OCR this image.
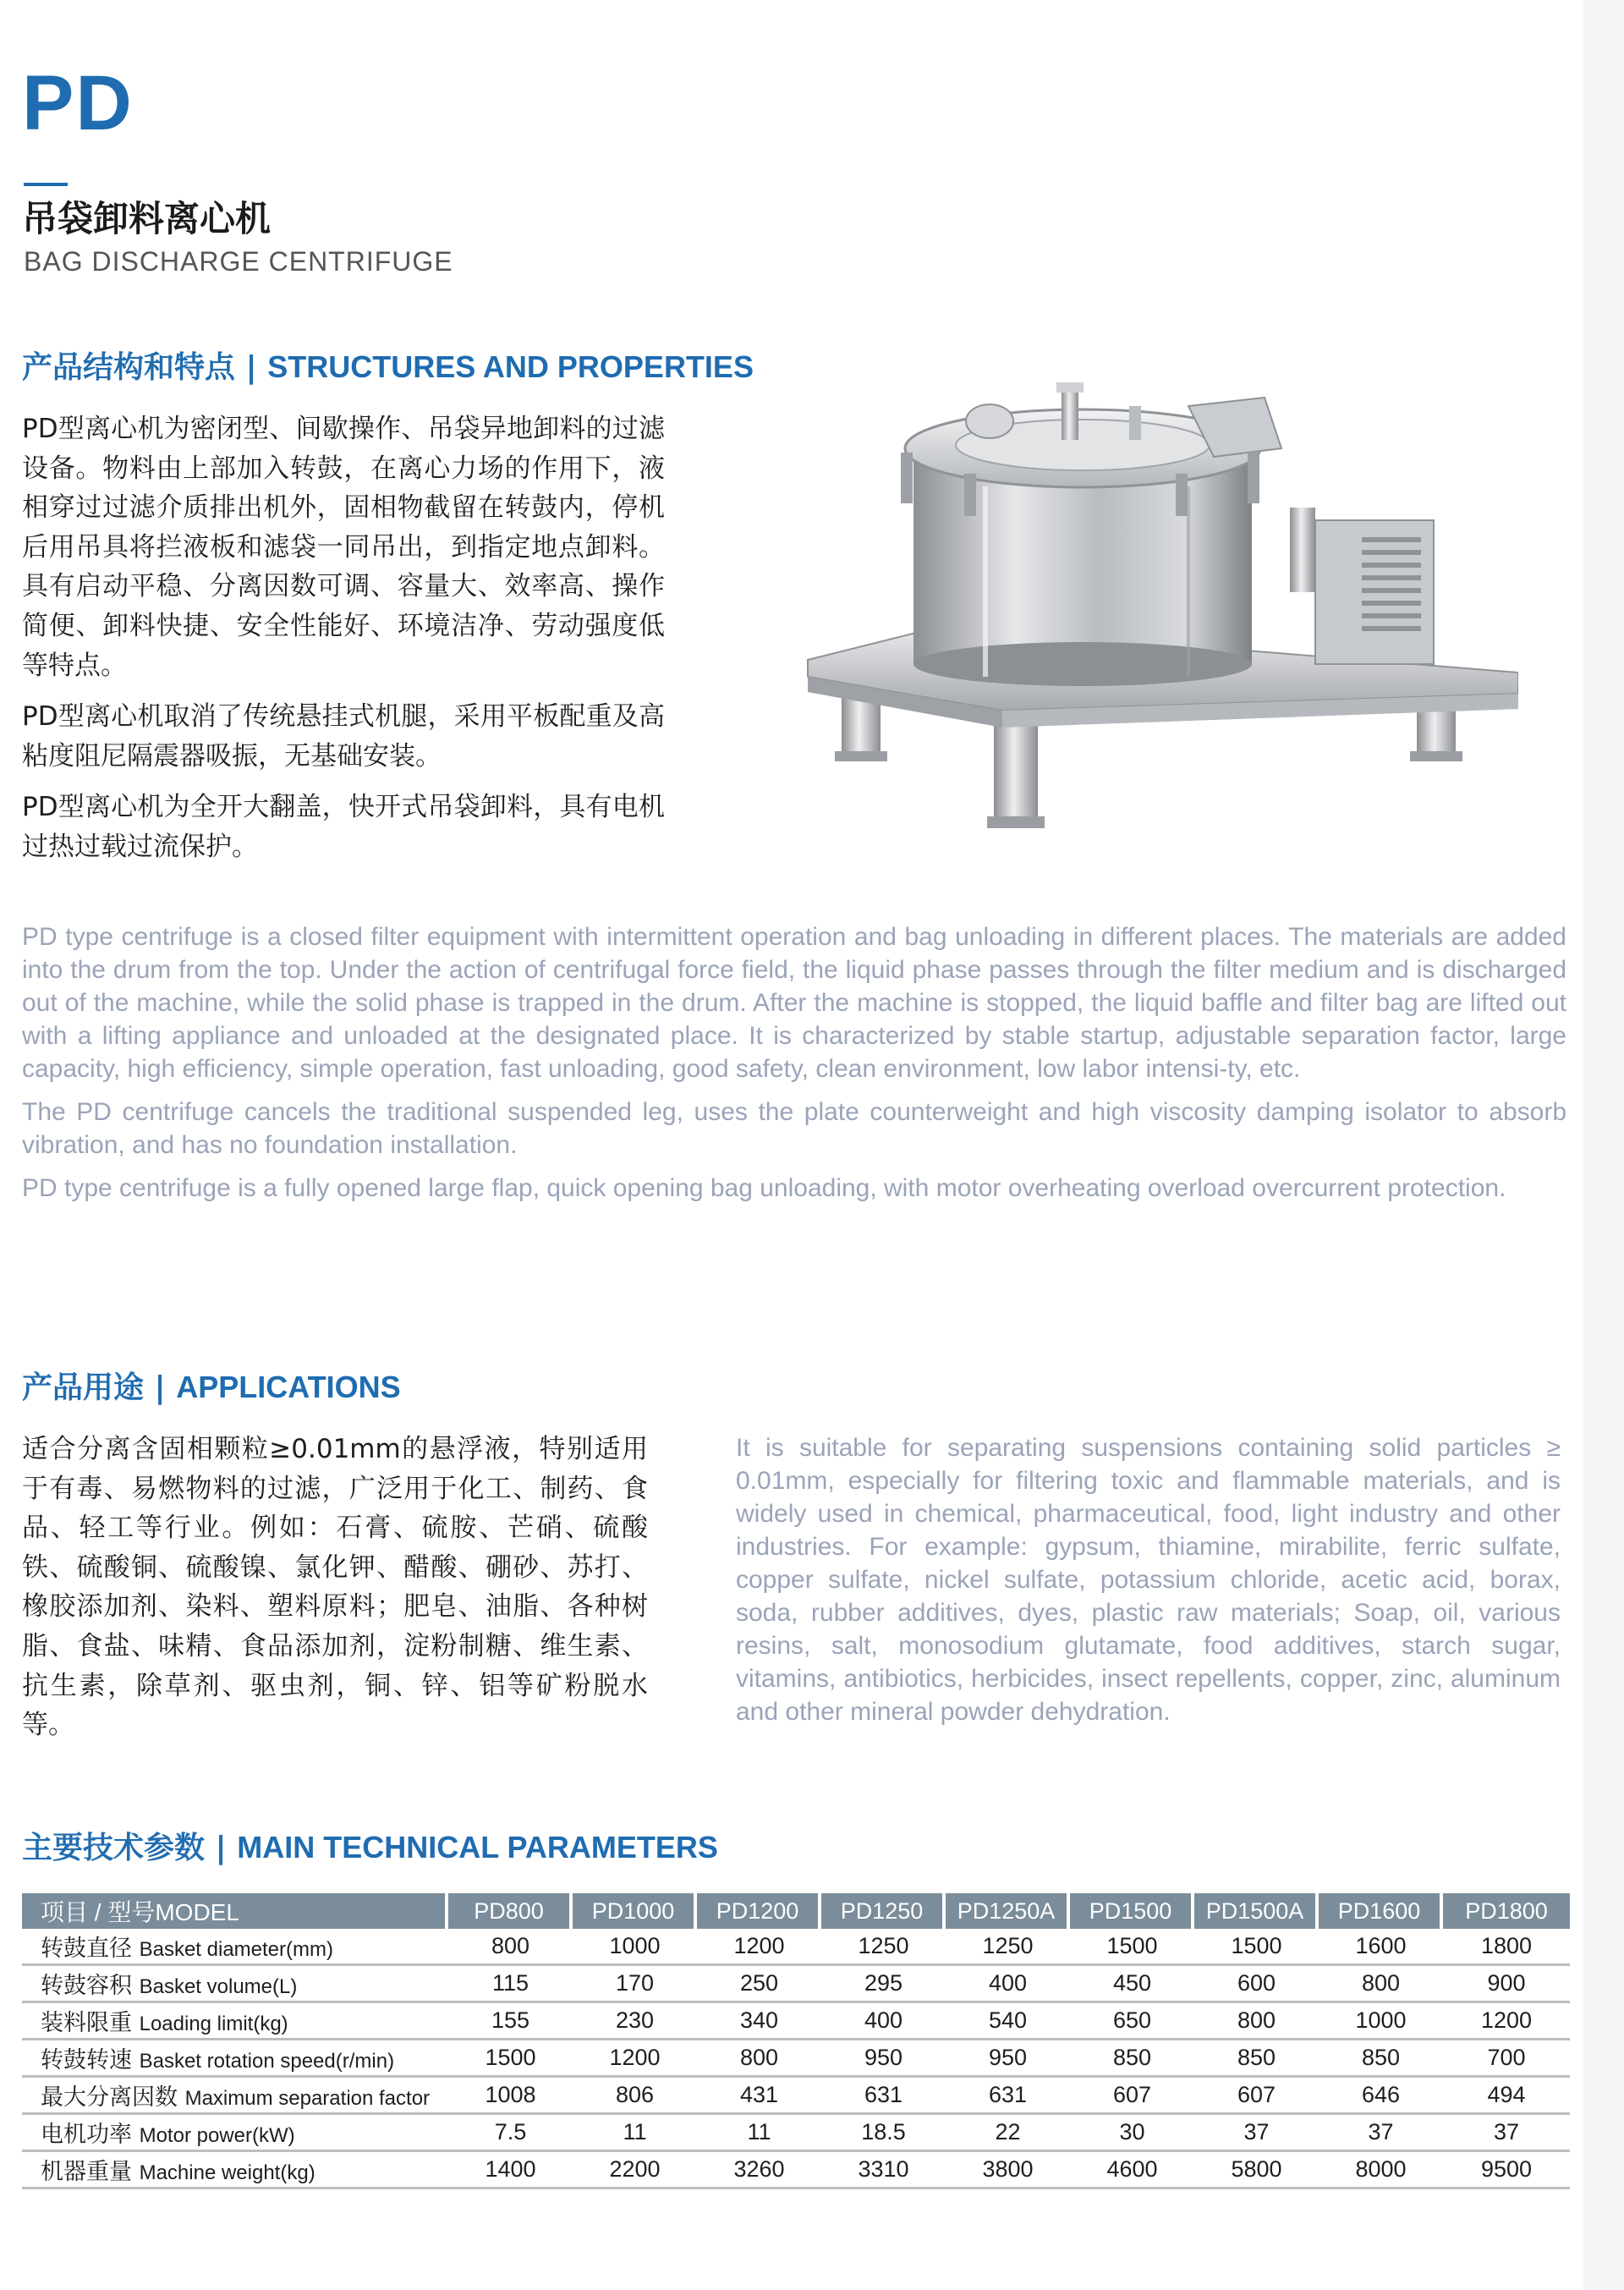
PD
吊袋卸料离心机
BAG DISCHARGE CENTRIFUGE
产品结构和特点 | STRUCTURES AND PROPERTIES

PD型离心机为密闭型、间歇操作、吊袋异地卸料的过滤设备。物料由上部加入转鼓，在离心力场的作用下，液相穿过过滤介质排出机外，固相物截留在转鼓内，停机后用吊具将拦液板和滤袋一同吊出，到指定地点卸料。具有启动平稳、分离因数可调、容量大、效率高、操作简便、卸料快捷、安全性能好、环境洁净、劳动强度低等特点。

PD型离心机取消了传统悬挂式机腿，采用平板配重及高粘度阻尼隔震器吸振，无基础安装。

PD型离心机为全开大翻盖，快开式吊袋卸料，具有电机过热过载过流保护。

PD type centrifuge is a closed filter equipment with intermittent operation and bag unloading in different places. The materials are added into the drum from the top. Under the action of centrifugal force field, the liquid phase passes through the filter medium and is discharged out of the machine, while the solid phase is trapped in the drum. After the machine is stopped, the liquid baffle and filter bag are lifted out with a lifting appliance and unloaded at the designated place. It is characterized by stable startup, adjustable separation factor, large capacity, high efficiency, simple operation, fast unloading, good safety, clean environment, low labor intensi-ty, etc.

The PD centrifuge cancels the traditional suspended leg, uses the plate counterweight and high viscosity damping isolator to absorb vibration, and has no foundation installation.

PD type centrifuge is a fully opened large flap, quick opening bag unloading, with motor overheating overload overcurrent protection.

产品用途 | APPLICATIONS
适合分离含固相颗粒≥0.01mm的悬浮液，特别适用于有毒、易燃物料的过滤，广泛用于化工、制药、食品、轻工等行业。例如：石膏、硫胺、芒硝、硫酸铁、硫酸铜、硫酸镍、氯化钾、醋酸、硼砂、苏打、橡胶添加剂、染料、塑料原料；肥皂、油脂、各种树脂、食盐、味精、食品添加剂，淀粉制糖、维生素、抗生素，除草剂、驱虫剂，铜、锌、铝等矿粉脱水等。
It is suitable for separating suspensions containing solid particles ≥ 0.01mm, especially for filtering toxic and flammable materials, and is widely used in chemical, pharmaceutical, food, light industry and other industries. For example: gypsum, thiamine, mirabilite, ferric sulfate, copper sulfate, nickel sulfate, potassium chloride, acetic acid, borax, soda, rubber additives, dyes, plastic raw materials; Soap, oil, various resins, salt, monosodium glutamate, food additives, starch sugar, vitamins, antibiotics, herbicides, insect repellents, copper, zinc, aluminum and other mineral powder dehydration.
主要技术参数 | MAIN TECHNICAL PARAMETERS
项目 / 型号MODEL	PD800	PD1000	PD1200	PD1250	PD1250A	PD1500	PD1500A	PD1600	PD1800
转鼓直径 Basket diameter(mm)	800	1000	1200	1250	1250	1500	1500	1600	1800
转鼓容积 Basket volume(L)	115	170	250	295	400	450	600	800	900
装料限重 Loading limit(kg)	155	230	340	400	540	650	800	1000	1200
转鼓转速 Basket rotation speed(r/min)	1500	1200	800	950	950	850	850	850	700
最大分离因数 Maximum separation factor	1008	806	431	631	631	607	607	646	494
电机功率 Motor power(kW)	7.5	11	11	18.5	22	30	37	37	37
机器重量 Machine weight(kg)	1400	2200	3260	3310	3800	4600	5800	8000	9500
